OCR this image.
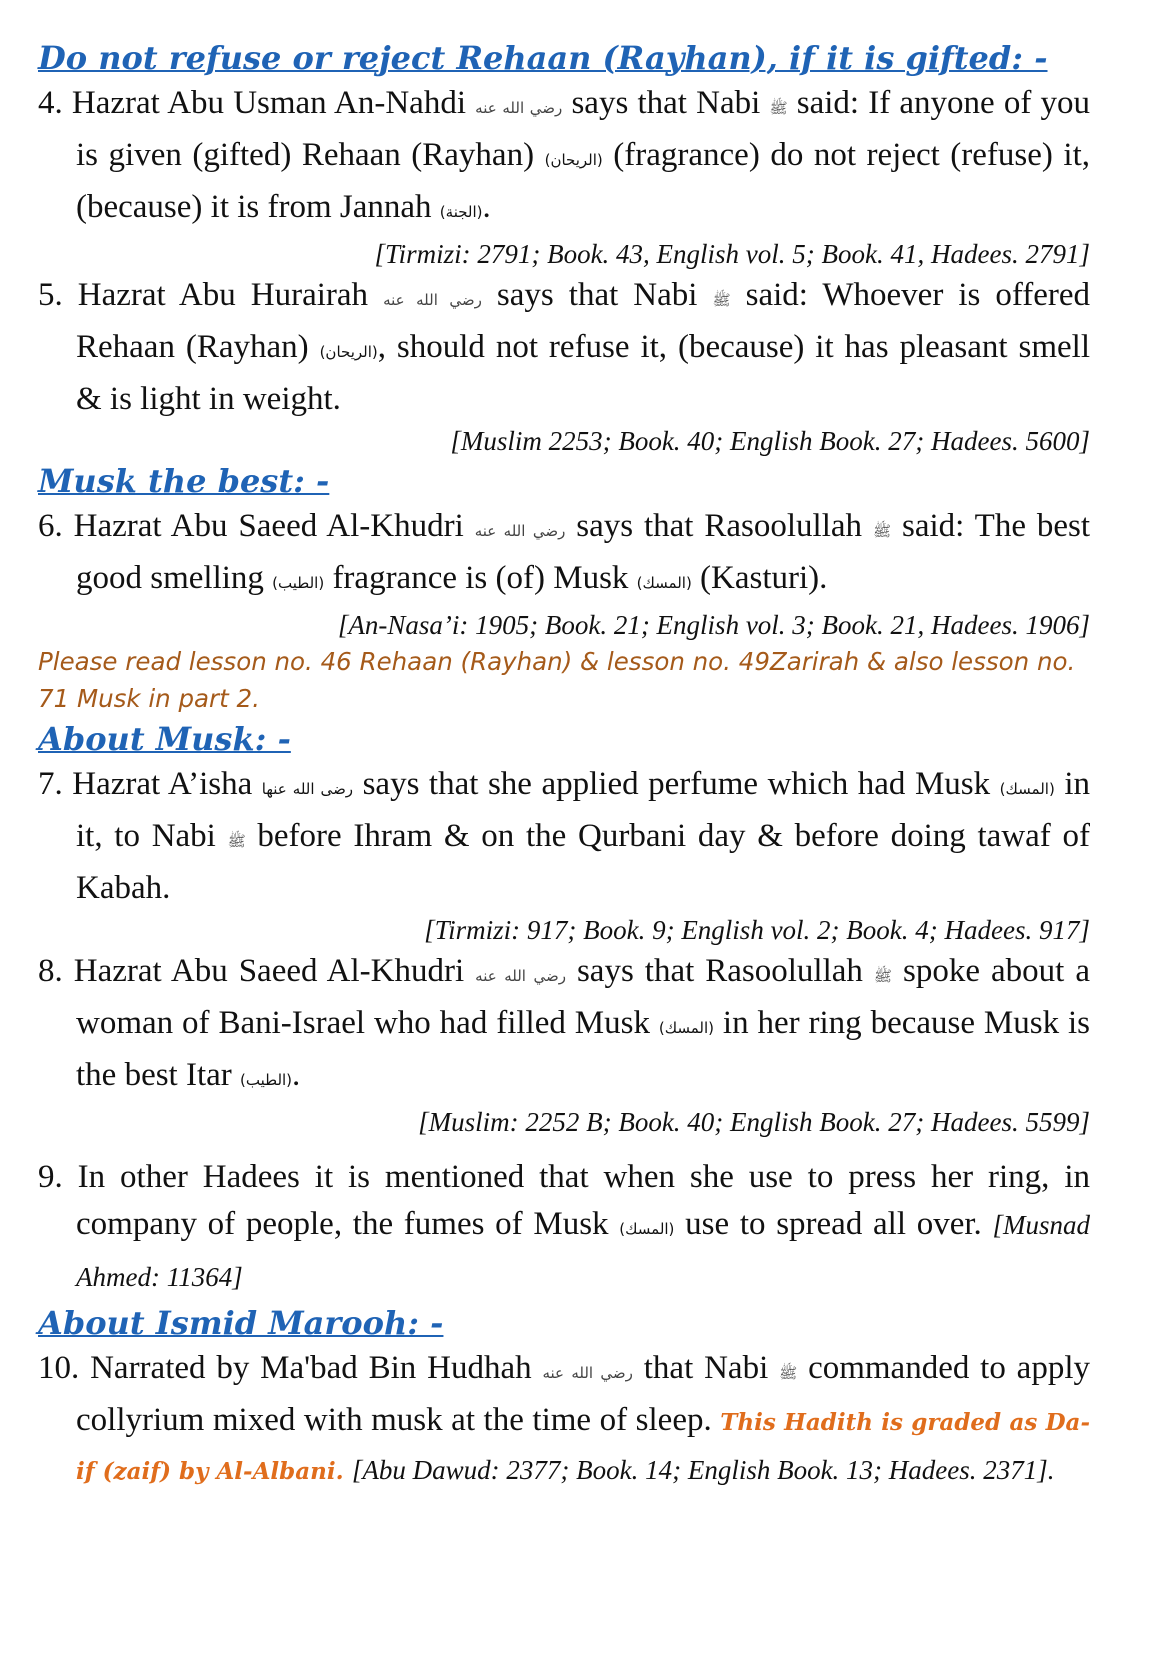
Do not refuse or reject Rehaan (Rayhan), if it is gifted: -
4. Hazrat Abu Usman An-Nahdi رضي الله عنه says that Nabi ﷺ said: If anyone of you is given (gifted) Rehaan (Rayhan) (الريحان) (fragrance) do not reject (refuse) it, (because) it is from Jannah (الجنة).
[Tirmizi: 2791; Book. 43, English vol. 5; Book. 41, Hadees. 2791]
5. Hazrat Abu Hurairah رضي الله عنه says that Nabi ﷺ said: Whoever is offered Rehaan (Rayhan) (الريحان), should not refuse it, (because) it has pleasant smell & is light in weight.
[Muslim 2253; Book. 40; English Book. 27; Hadees. 5600]
Musk the best: -
6. Hazrat Abu Saeed Al-Khudri رضي الله عنه says that Rasoolullah ﷺ said: The best good smelling (الطيب) fragrance is (of) Musk (المسك) (Kasturi).
[An-Nasa’i: 1905; Book. 21; English vol. 3; Book. 21, Hadees. 1906]
Please read lesson no. 46 Rehaan (Rayhan) & lesson no. 49Zarirah & also lesson no. 71 Musk in part 2.
About Musk: -
7. Hazrat A’isha رضی الله عنها says that she applied perfume which had Musk (المسك) in it, to Nabi ﷺ before Ihram & on the Qurbani day & before doing tawaf of Kabah.
[Tirmizi: 917; Book. 9; English vol. 2; Book. 4; Hadees. 917]
8. Hazrat Abu Saeed Al-Khudri رضي الله عنه says that Rasoolullah ﷺ spoke about a woman of Bani-Israel who had filled Musk (المسك) in her ring because Musk is the best Itar (الطيب).
[Muslim: 2252 B; Book. 40; English Book. 27; Hadees. 5599]
9. In other Hadees it is mentioned that when she use to press her ring, in company of people, the fumes of Musk (المسك) use to spread all over. [Musnad Ahmed: 11364]
About Ismid Marooh: -
10. Narrated by Ma'bad Bin Hudhah رضي الله عنه that Nabi ﷺ commanded to apply collyrium mixed with musk at the time of sleep. This Hadith is graded as Da-if (zaif) by Al-Albani. [Abu Dawud: 2377; Book. 14; English Book. 13; Hadees. 2371].
